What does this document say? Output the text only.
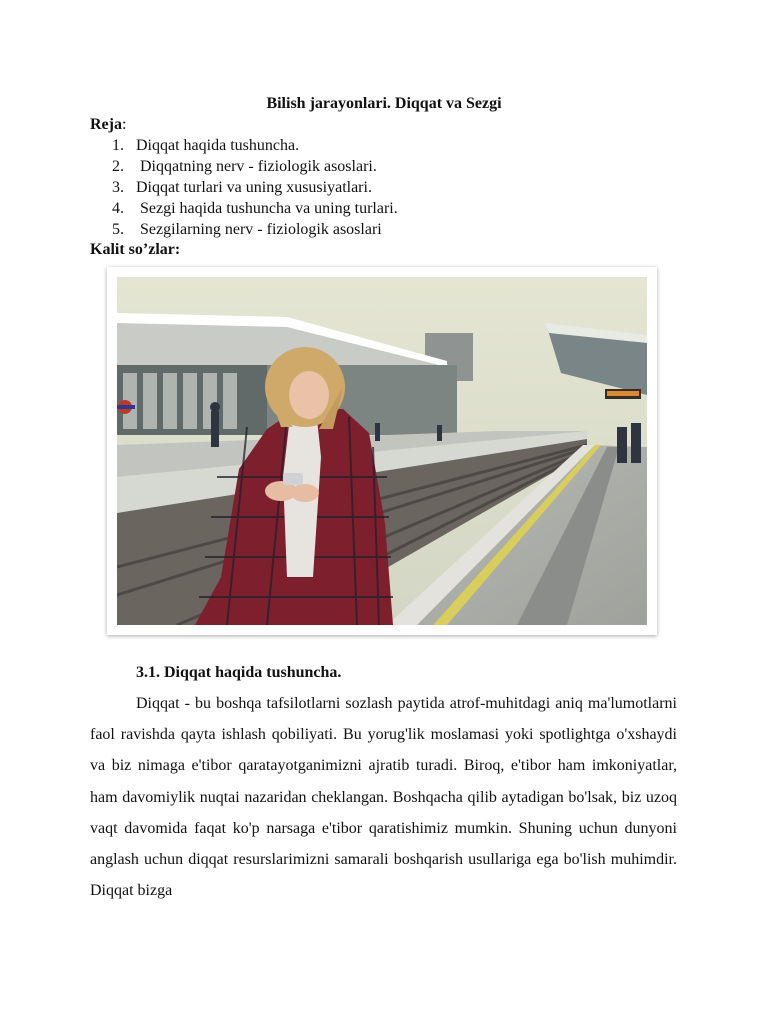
Bilish jarayonlari. Diqqat va Sezgi
Reja:
1. Diqqat haqida tushuncha.
2. Diqqatning nerv - fiziologik asoslari.
3. Diqqat turlari va uning xususiyatlari.
4. Sezgi haqida tushuncha va uning turlari.
5. Sezgilarning nerv - fiziologik asoslari
Kalit so’zlar:
3.1. Diqqat haqida tushuncha.

Diqqat - bu boshqa tafsilotlarni sozlash paytida atrof-muhitdagi aniq ma'lumotlarni faol ravishda qayta ishlash qobiliyati. Bu yorug'lik moslamasi yoki spotlightga o'xshaydi va biz nimaga e'tibor qaratayotganimizni ajratib turadi. Biroq, e'tibor ham imkoniyatlar, ham davomiylik nuqtai nazaridan cheklangan. Boshqacha qilib aytadigan bo'lsak, biz uzoq vaqt davomida faqat ko'p narsaga e'tibor qaratishimiz mumkin. Shuning uchun dunyoni anglash uchun diqqat resurslarimizni samarali boshqarish usullariga ega bo'lish muhimdir. Diqqat bizga
